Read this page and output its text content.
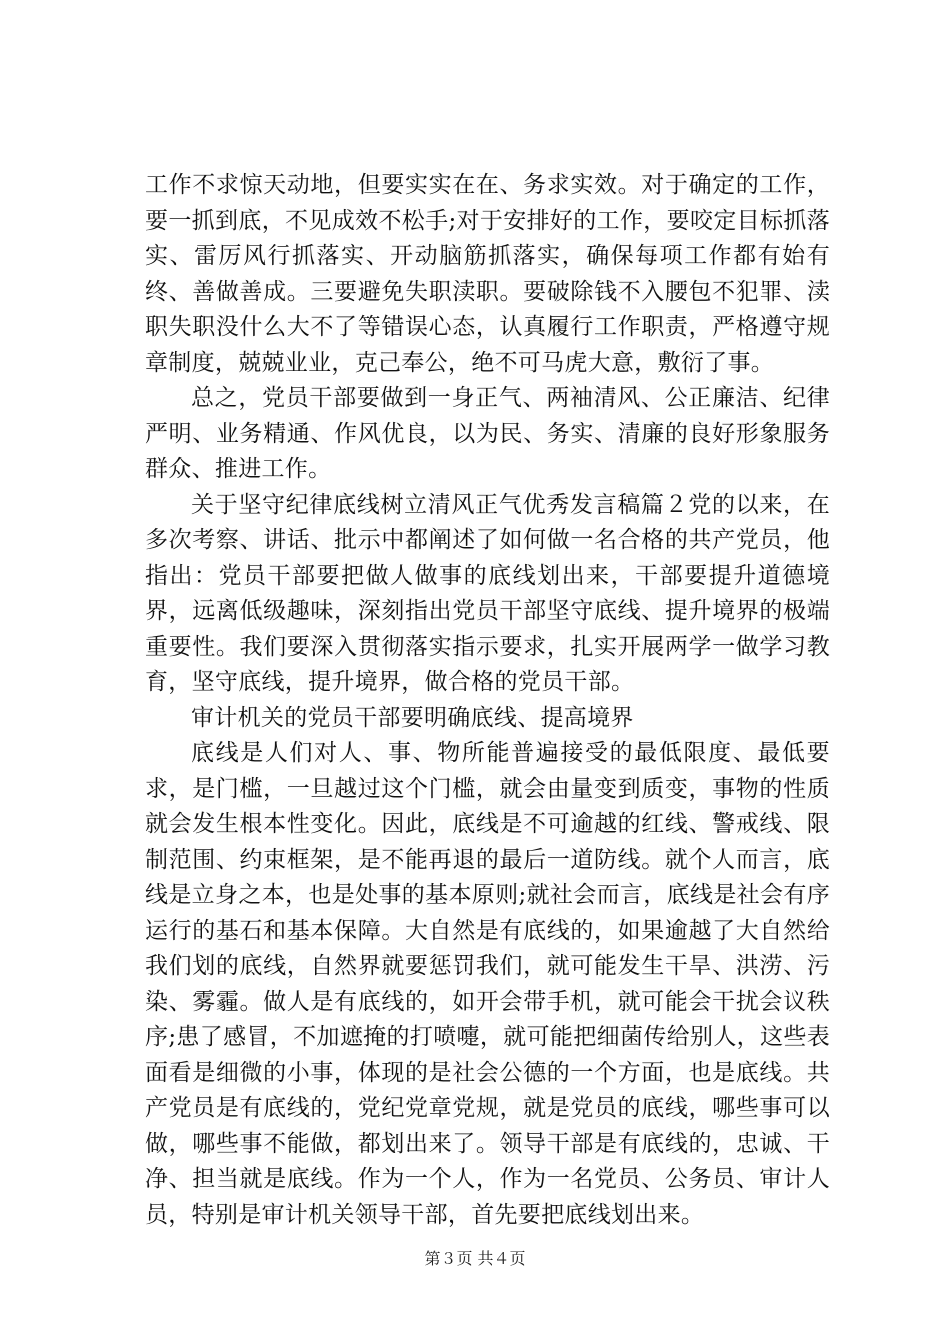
工作不求惊天动地，但要实实在在、务求实效。对于确定的工作，要一抓到底，不见成效不松手;对于安排好的工作，要咬定目标抓落实、雷厉风行抓落实、开动脑筋抓落实，确保每项工作都有始有终、善做善成。三要避免失职渎职。要破除钱不入腰包不犯罪、渎职失职没什么大不了等错误心态，认真履行工作职责，严格遵守规章制度，兢兢业业，克己奉公，绝不可马虎大意，敷衍了事。

总之，党员干部要做到一身正气、两袖清风、公正廉洁、纪律严明、业务精通、作风优良，以为民、务实、清廉的良好形象服务群众、推进工作。

关于坚守纪律底线树立清风正气优秀发言稿篇２党的以来，在多次考察、讲话、批示中都阐述了如何做一名合格的共产党员，他指出：党员干部要把做人做事的底线划出来，干部要提升道德境界，远离低级趣味，深刻指出党员干部坚守底线、提升境界的极端重要性。我们要深入贯彻落实指示要求，扎实开展两学一做学习教育，坚守底线，提升境界，做合格的党员干部。

审计机关的党员干部要明确底线、提高境界

底线是人们对人、事、物所能普遍接受的最低限度、最低要求，是门槛，一旦越过这个门槛，就会由量变到质变，事物的性质就会发生根本性变化。因此，底线是不可逾越的红线、警戒线、限制范围、约束框架，是不能再退的最后一道防线。就个人而言，底线是立身之本，也是处事的基本原则;就社会而言，底线是社会有序运行的基石和基本保障。大自然是有底线的，如果逾越了大自然给我们划的底线，自然界就要惩罚我们，就可能发生干旱、洪涝、污染、雾霾。做人是有底线的，如开会带手机，就可能会干扰会议秩序;患了感冒，不加遮掩的打喷嚏，就可能把细菌传给别人，这些表面看是细微的小事，体现的是社会公德的一个方面，也是底线。共产党员是有底线的，党纪党章党规，就是党员的底线，哪些事可以做，哪些事不能做，都划出来了。领导干部是有底线的，忠诚、干净、担当就是底线。作为一个人，作为一名党员、公务员、审计人员，特别是审计机关领导干部，首先要把底线划出来。

第３页 共４页
